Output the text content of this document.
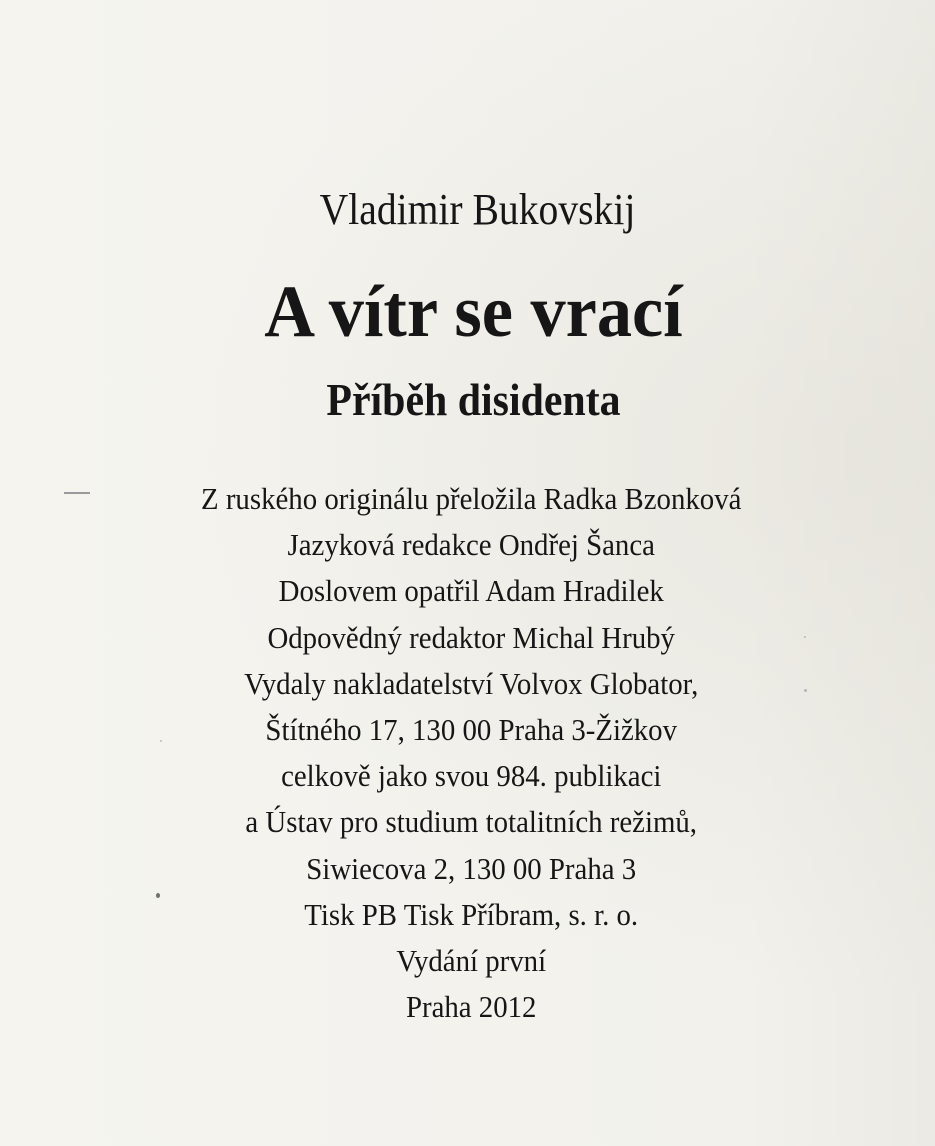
Vladimir Bukovskij
A vítr se vrací
Příběh disidenta
Z ruského originálu přeložila Radka Bzonková
Jazyková redakce Ondřej Šanca
Doslovem opatřil Adam Hradilek
Odpovědný redaktor Michal Hrubý
Vydaly nakladatelství Volvox Globator,
Štítného 17, 130 00 Praha 3-Žižkov
celkově jako svou 984. publikaci
a Ústav pro studium totalitních režimů,
Siwiecova 2, 130 00 Praha 3
Tisk PB Tisk Příbram, s. r. o.
Vydání první
Praha 2012
